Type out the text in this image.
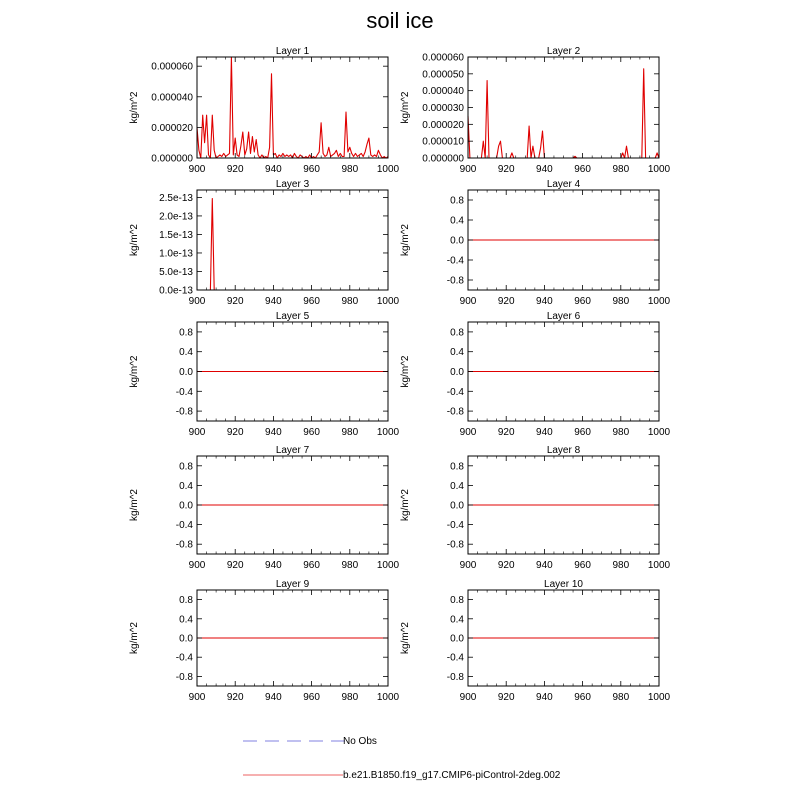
soil ice
Layer 1
kg/m^2
900 920 940 960 980 1000
0.000000
0.000020
0.000040
0.000060
Layer 2
kg/m^2
900 920 940 960 980 1000
0.000000
0.000010
0.000020
0.000030
0.000040
0.000050
0.000060
Layer 3
kg/m^2
900 920 940 960 980 1000
0.0e-13
5.0e-13
1.0e-13
1.5e-13
2.0e-13
2.5e-13
Layer 4
kg/m^2
900 920 940 960 980 1000
-0.8
-0.4
0.0
0.4
0.8
Layer 5
kg/m^2
900 920 940 960 980 1000
-0.8
-0.4
0.0
0.4
0.8
Layer 6
kg/m^2
900 920 940 960 980 1000
-0.8
-0.4
0.0
0.4
0.8
Layer 7
kg/m^2
900 920 940 960 980 1000
-0.8
-0.4
0.0
0.4
0.8
Layer 8
kg/m^2
900 920 940 960 980 1000
-0.8
-0.4
0.0
0.4
0.8
Layer 9
kg/m^2
900 920 940 960 980 1000
-0.8
-0.4
0.0
0.4
0.8
Layer 10
kg/m^2
900 920 940 960 980 1000
-0.8
-0.4
0.0
0.4
0.8
No Obs
b.e21.B1850.f19_g17.CMIP6-piControl-2deg.002
